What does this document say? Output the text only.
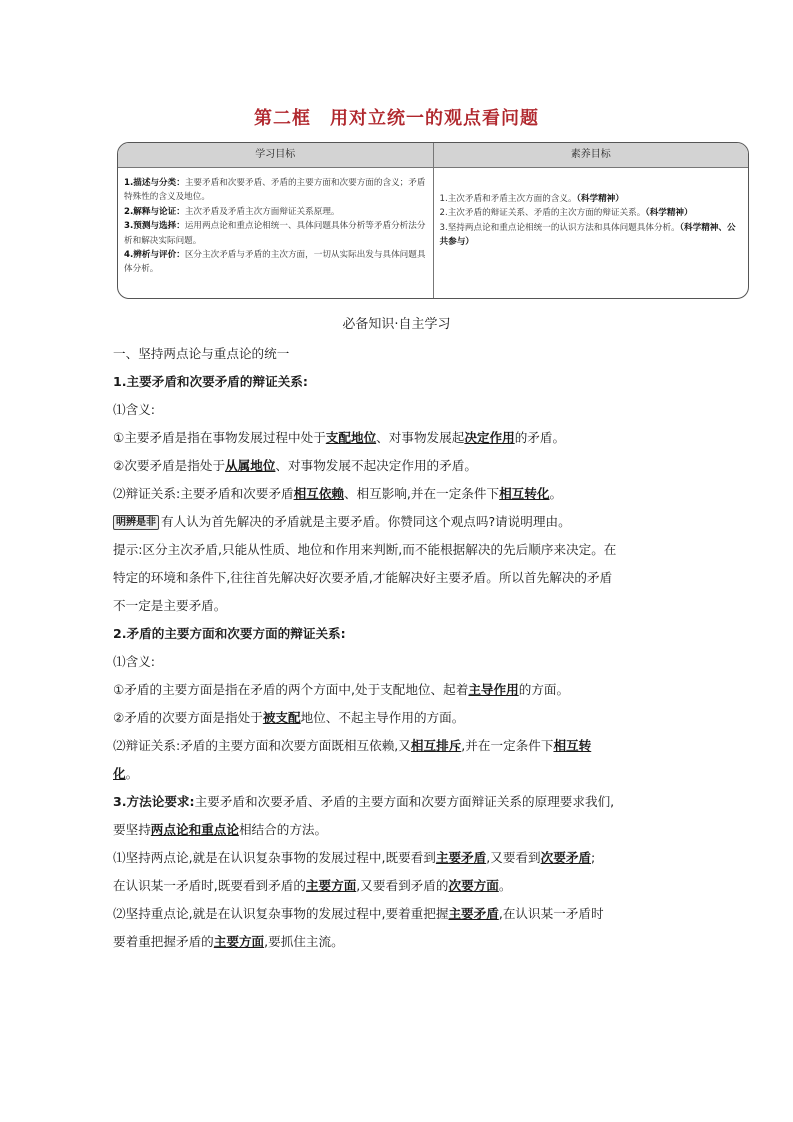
第二框　用对立统一的观点看问题
学习目标	素养目标

1.描述与分类：主要矛盾和次要矛盾、矛盾的主要方面和次要方面的含义；矛盾特殊性的含义及地位。

2.解释与论证：主次矛盾及矛盾主次方面辩证关系原理。

3.预测与选择：运用两点论和重点论相统一、具体问题具体分析等矛盾分析法分析和解决实际问题。

4.辨析与评价：区分主次矛盾与矛盾的主次方面，一切从实际出发与具体问题具体分析。

1.主次矛盾和矛盾主次方面的含义。（科学精神）

2.主次矛盾的辩证关系、矛盾的主次方面的辩证关系。（科学精神）

3.坚持两点论和重点论相统一的认识方法和具体问题具体分析。（科学精神、公共参与）

必备知识·自主学习
一、坚持两点论与重点论的统一
1.主要矛盾和次要矛盾的辩证关系:
⑴含义:
①主要矛盾是指在事物发展过程中处于支配地位、对事物发展起决定作用的矛盾。
②次要矛盾是指处于从属地位、对事物发展不起决定作用的矛盾。
⑵辩证关系:主要矛盾和次要矛盾相互依赖、相互影响,并在一定条件下相互转化。
明辨是非 有人认为首先解决的矛盾就是主要矛盾。你赞同这个观点吗?请说明理由。
提示:区分主次矛盾,只能从性质、地位和作用来判断,而不能根据解决的先后顺序来决定。在
特定的环境和条件下,往往首先解决好次要矛盾,才能解决好主要矛盾。所以首先解决的矛盾
不一定是主要矛盾。
2.矛盾的主要方面和次要方面的辩证关系:
⑴含义:
①矛盾的主要方面是指在矛盾的两个方面中,处于支配地位、起着主导作用的方面。
②矛盾的次要方面是指处于被支配地位、不起主导作用的方面。
⑵辩证关系:矛盾的主要方面和次要方面既相互依赖,又相互排斥,并在一定条件下相互转
化。
3.方法论要求:主要矛盾和次要矛盾、矛盾的主要方面和次要方面辩证关系的原理要求我们,
要坚持两点论和重点论相结合的方法。
⑴坚持两点论,就是在认识复杂事物的发展过程中,既要看到主要矛盾,又要看到次要矛盾;
在认识某一矛盾时,既要看到矛盾的主要方面,又要看到矛盾的次要方面。
⑵坚持重点论,就是在认识复杂事物的发展过程中,要着重把握主要矛盾,在认识某一矛盾时
要着重把握矛盾的主要方面,要抓住主流。
